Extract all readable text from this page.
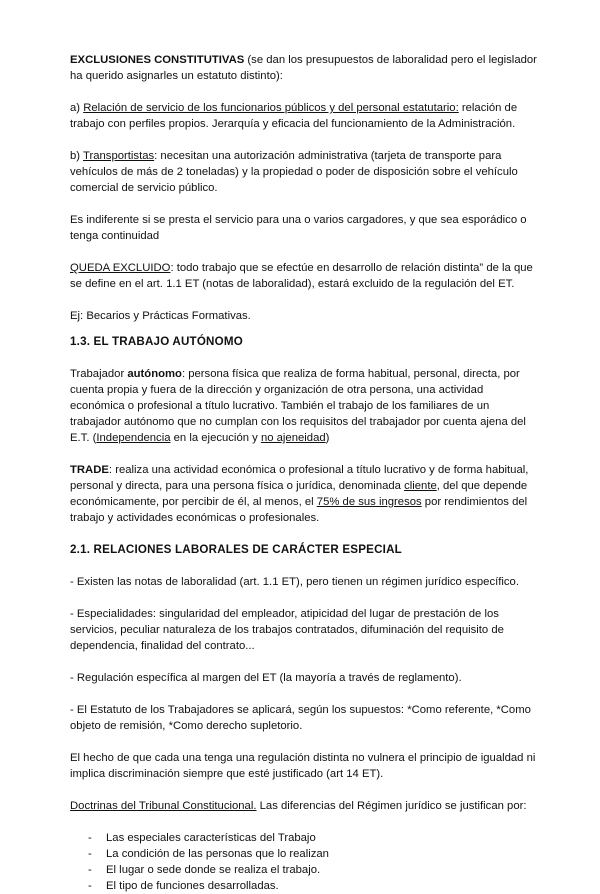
EXCLUSIONES CONSTITUTIVAS (se dan los presupuestos de laboralidad pero el legislador ha querido asignarles un estatuto distinto):

a) Relación de servicio de los funcionarios públicos y del personal estatutario: relación de trabajo con perfiles propios. Jerarquía y eficacia del funcionamiento de la Administración.

b) Transportistas: necesitan una autorización administrativa (tarjeta de transporte para vehículos de más de 2 toneladas) y la propiedad o poder de disposición sobre el vehículo comercial de servicio público.

Es indiferente si se presta el servicio para una o varios cargadores, y que sea esporádico o tenga continuidad

QUEDA EXCLUIDO: todo trabajo que se efectúe en desarrollo de relación distinta” de la que se define en el art. 1.1 ET (notas de laboralidad), estará excluido de la regulación del ET.

Ej: Becarios y Prácticas Formativas.

1.3. EL TRABAJO AUTÓNOMO

Trabajador autónomo: persona física que realiza de forma habitual, personal, directa, por cuenta propia y fuera de la dirección y organización de otra persona, una actividad económica o profesional a título lucrativo. También el trabajo de los familiares de un trabajador autónomo que no cumplan con los requisitos del trabajador por cuenta ajena del E.T. (Independencia en la ejecución y no ajeneidad)

TRADE: realiza una actividad económica o profesional a título lucrativo y de forma habitual, personal y directa, para una persona física o jurídica, denominada cliente, del que depende económicamente, por percibir de él, al menos, el 75% de sus ingresos por rendimientos del trabajo y actividades económicas o profesionales.

2.1. RELACIONES LABORALES DE CARÁCTER ESPECIAL

- Existen las notas de laboralidad (art. 1.1 ET), pero tienen un régimen jurídico específico.

- Especialidades: singularidad del empleador, atipicidad del lugar de prestación de los servicios, peculiar naturaleza de los trabajos contratados, difuminación del requisito de dependencia, finalidad del contrato...

- Regulación específica al margen del ET (la mayoría a través de reglamento).

- El Estatuto de los Trabajadores se aplicará, según los supuestos: *Como referente, *Como objeto de remisión, *Como derecho supletorio.

El hecho de que cada una tenga una regulación distinta no vulnera el principio de igualdad ni implica discriminación siempre que esté justificado (art 14 ET).

Doctrinas del Tribunal Constitucional. Las diferencias del Régimen jurídico se justifican por:

- Las especiales características del Trabajo
- La condición de las personas que lo realizan
- El lugar o sede donde se realiza el trabajo.
- El tipo de funciones desarrolladas.
